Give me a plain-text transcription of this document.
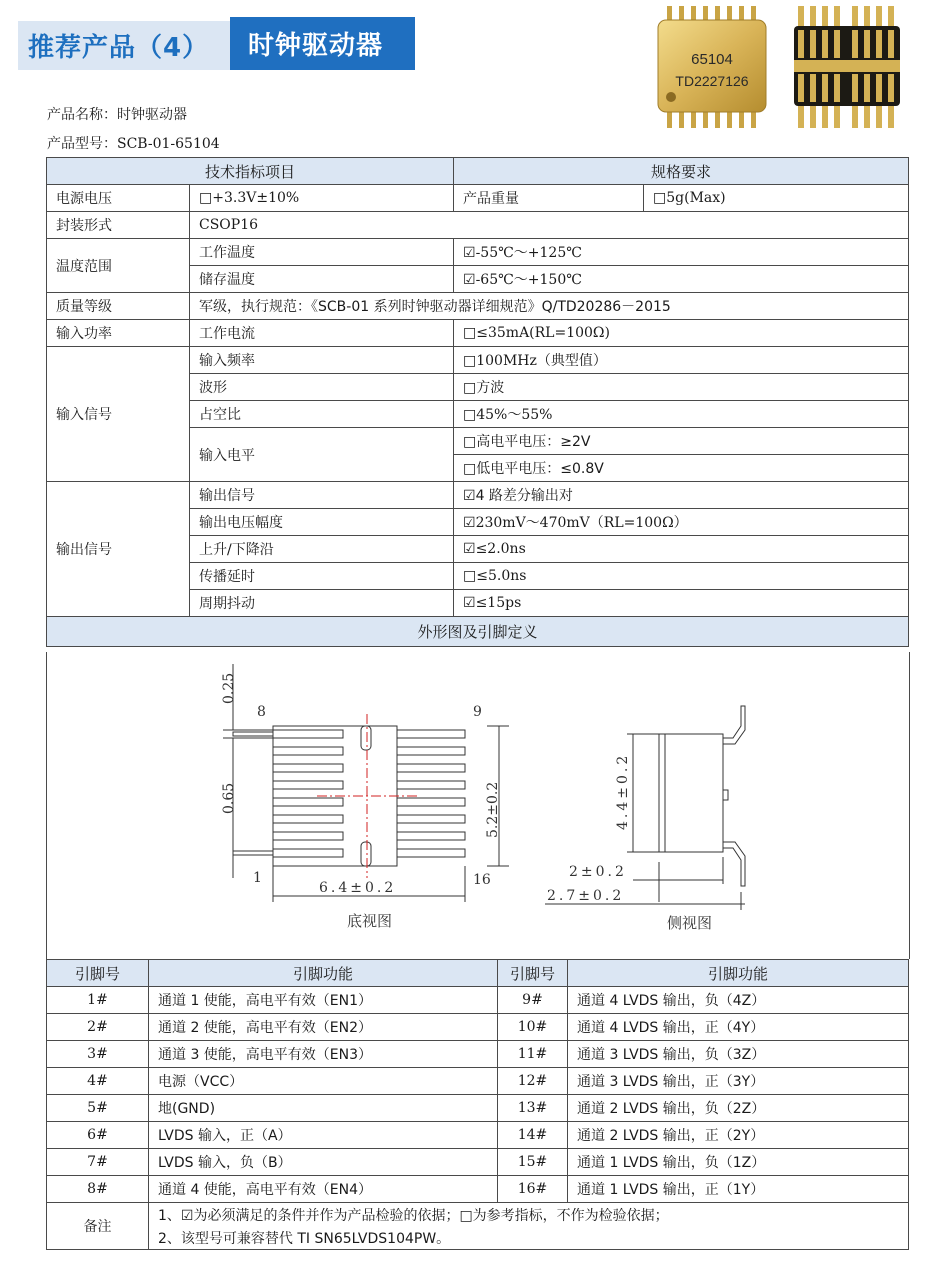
推荐产品（4） 时钟驱动器	65104
TD2227126
产品名称：时钟驱动器
产品型号：SCB-01-65104
技术指标项目		规格要求	
电源电压	□+3.3V±10%	产品重量	□5g(Max)
封装形式	CSOP16		
温度范围	工作温度	☑-55℃～+125℃	
	储存温度	☑-65℃～+150℃	
质量等级	军级，执行规范：《SCB-01 系列时钟驱动器详细规范》Q/TD20286－2015		
输入功率	工作电流	□≤35mA(RL=100Ω)	
输入信号	输入频率	□100MHz（典型值）	
	波形	□方波	
	占空比	□45%～55%	
	输入电平	□高电平电压：≥2V	
		□低电平电压：≤0.8V	
输出信号	输出信号	☑4 路差分输出对	
	输出电压幅度	☑230mV～470mV（RL=100Ω）	
	上升/下降沿	☑≤2.0ns	
	传播延时	□≤5.0ns	
	周期抖动	☑≤15ps	
外形图及引脚定义			
8	9
1	16
0.25
0.65	5.2±0.2
6.4±0.2
4.4±0.2
2±0.2
2.7±0.2
底视图	侧视图
引脚号	引脚功能	引脚号	引脚功能
1#	通道 1 使能，高电平有效（EN1）	9#	通道 4 LVDS 输出，负（4Z）
2#	通道 2 使能，高电平有效（EN2）	10#	通道 4 LVDS 输出，正（4Y）
3#	通道 3 使能，高电平有效（EN3）	11#	通道 3 LVDS 输出，负（3Z）
4#	电源（VCC）	12#	通道 3 LVDS 输出，正（3Y）
5#	地(GND)	13#	通道 2 LVDS 输出，负（2Z）
6#	LVDS 输入，正（A）	14#	通道 2 LVDS 输出，正（2Y）
7#	LVDS 输入，负（B）	15#	通道 1 LVDS 输出，负（1Z）
8#	通道 4 使能，高电平有效（EN4）	16#	通道 1 LVDS 输出，正（1Y）
备注	1、☑为必须满足的条件并作为产品检验的依据；□为参考指标，不作为检验依据；		
	2、该型号可兼容替代 TI SN65LVDS104PW。		
